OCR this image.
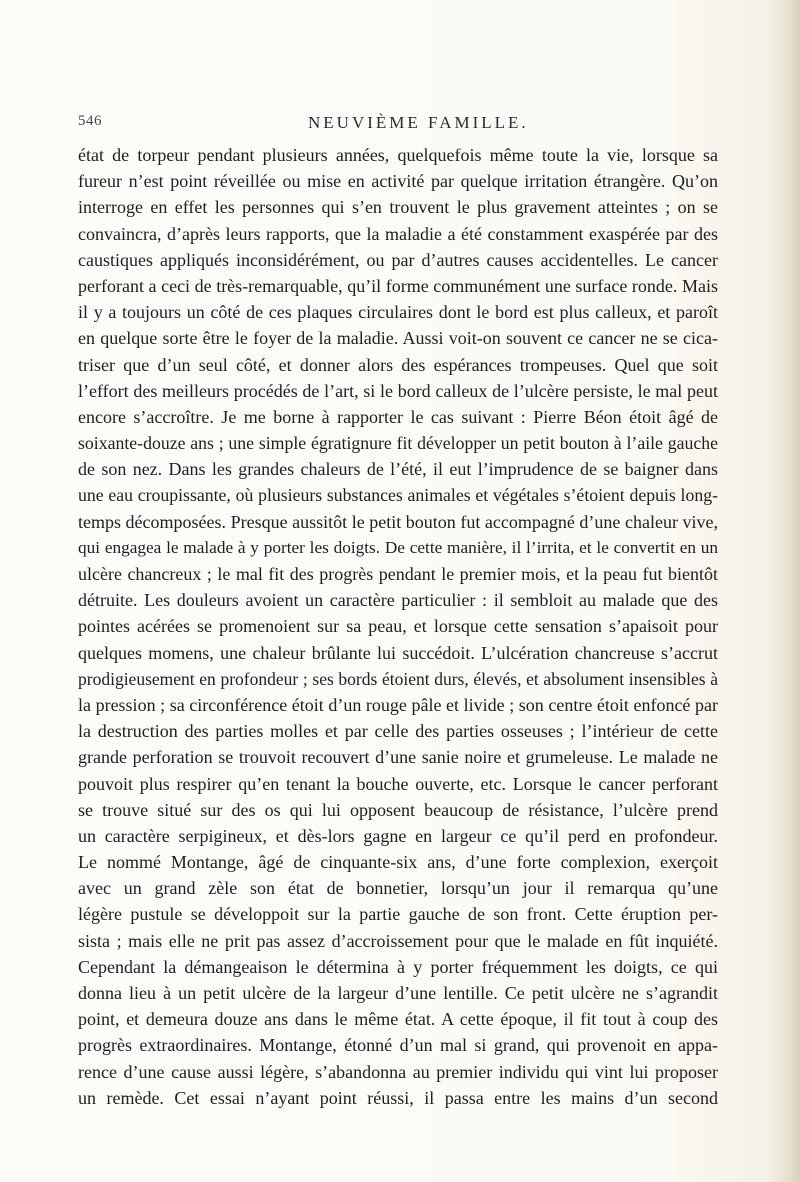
546	NEUVIÈME FAMILLE.

état de torpeur pendant plusieurs années, quelquefois même toute la vie, lorsque sa
fureur n’est point réveillée ou mise en activité par quelque irritation étrangère. Qu’on
interroge en effet les personnes qui s’en trouvent le plus gravement atteintes ; on se
convaincra, d’après leurs rapports, que la maladie a été constamment exaspérée par des
caustiques appliqués inconsidérément, ou par d’autres causes accidentelles. Le cancer
perforant a ceci de très-remarquable, qu’il forme communément une surface ronde. Mais
il y a toujours un côté de ces plaques circulaires dont le bord est plus calleux, et paroît
en quelque sorte être le foyer de la maladie. Aussi voit-on souvent ce cancer ne se cica-
triser que d’un seul côté, et donner alors des espérances trompeuses. Quel que soit
l’effort des meilleurs procédés de l’art, si le bord calleux de l’ulcère persiste, le mal peut
encore s’accroître. Je me borne à rapporter le cas suivant : Pierre Béon étoit âgé de
soixante-douze ans ; une simple égratignure fit développer un petit bouton à l’aile gauche
de son nez. Dans les grandes chaleurs de l’été, il eut l’imprudence de se baigner dans
une eau croupissante, où plusieurs substances animales et végétales s’étoient depuis long-
temps décomposées. Presque aussitôt le petit bouton fut accompagné d’une chaleur vive,
qui engagea le malade à y porter les doigts. De cette manière, il l’irrita, et le convertit en un
ulcère chancreux ; le mal fit des progrès pendant le premier mois, et la peau fut bientôt
détruite. Les douleurs avoient un caractère particulier : il sembloit au malade que des
pointes acérées se promenoient sur sa peau, et lorsque cette sensation s’apaisoit pour
quelques momens, une chaleur brûlante lui succédoit. L’ulcération chancreuse s’accrut
prodigieusement en profondeur ; ses bords étoient durs, élevés, et absolument insensibles à
la pression ; sa circonférence étoit d’un rouge pâle et livide ; son centre étoit enfoncé par
la destruction des parties molles et par celle des parties osseuses ; l’intérieur de cette
grande perforation se trouvoit recouvert d’une sanie noire et grumeleuse. Le malade ne
pouvoit plus respirer qu’en tenant la bouche ouverte, etc. Lorsque le cancer perforant
se trouve situé sur des os qui lui opposent beaucoup de résistance, l’ulcère prend
un caractère serpigineux, et dès-lors gagne en largeur ce qu’il perd en profondeur.
Le nommé Montange, âgé de cinquante-six ans, d’une forte complexion, exerçoit
avec un grand zèle son état de bonnetier, lorsqu’un jour il remarqua qu’une
légère pustule se développoit sur la partie gauche de son front. Cette éruption per-
sista ; mais elle ne prit pas assez d’accroissement pour que le malade en fût inquiété.
Cependant la démangeaison le détermina à y porter fréquemment les doigts, ce qui
donna lieu à un petit ulcère de la largeur d’une lentille. Ce petit ulcère ne s’agrandit
point, et demeura douze ans dans le même état. A cette époque, il fit tout à coup des
progrès extraordinaires. Montange, étonné d’un mal si grand, qui provenoit en appa-
rence d’une cause aussi légère, s’abandonna au premier individu qui vint lui proposer
un remède. Cet essai n’ayant point réussi, il passa entre les mains d’un second
